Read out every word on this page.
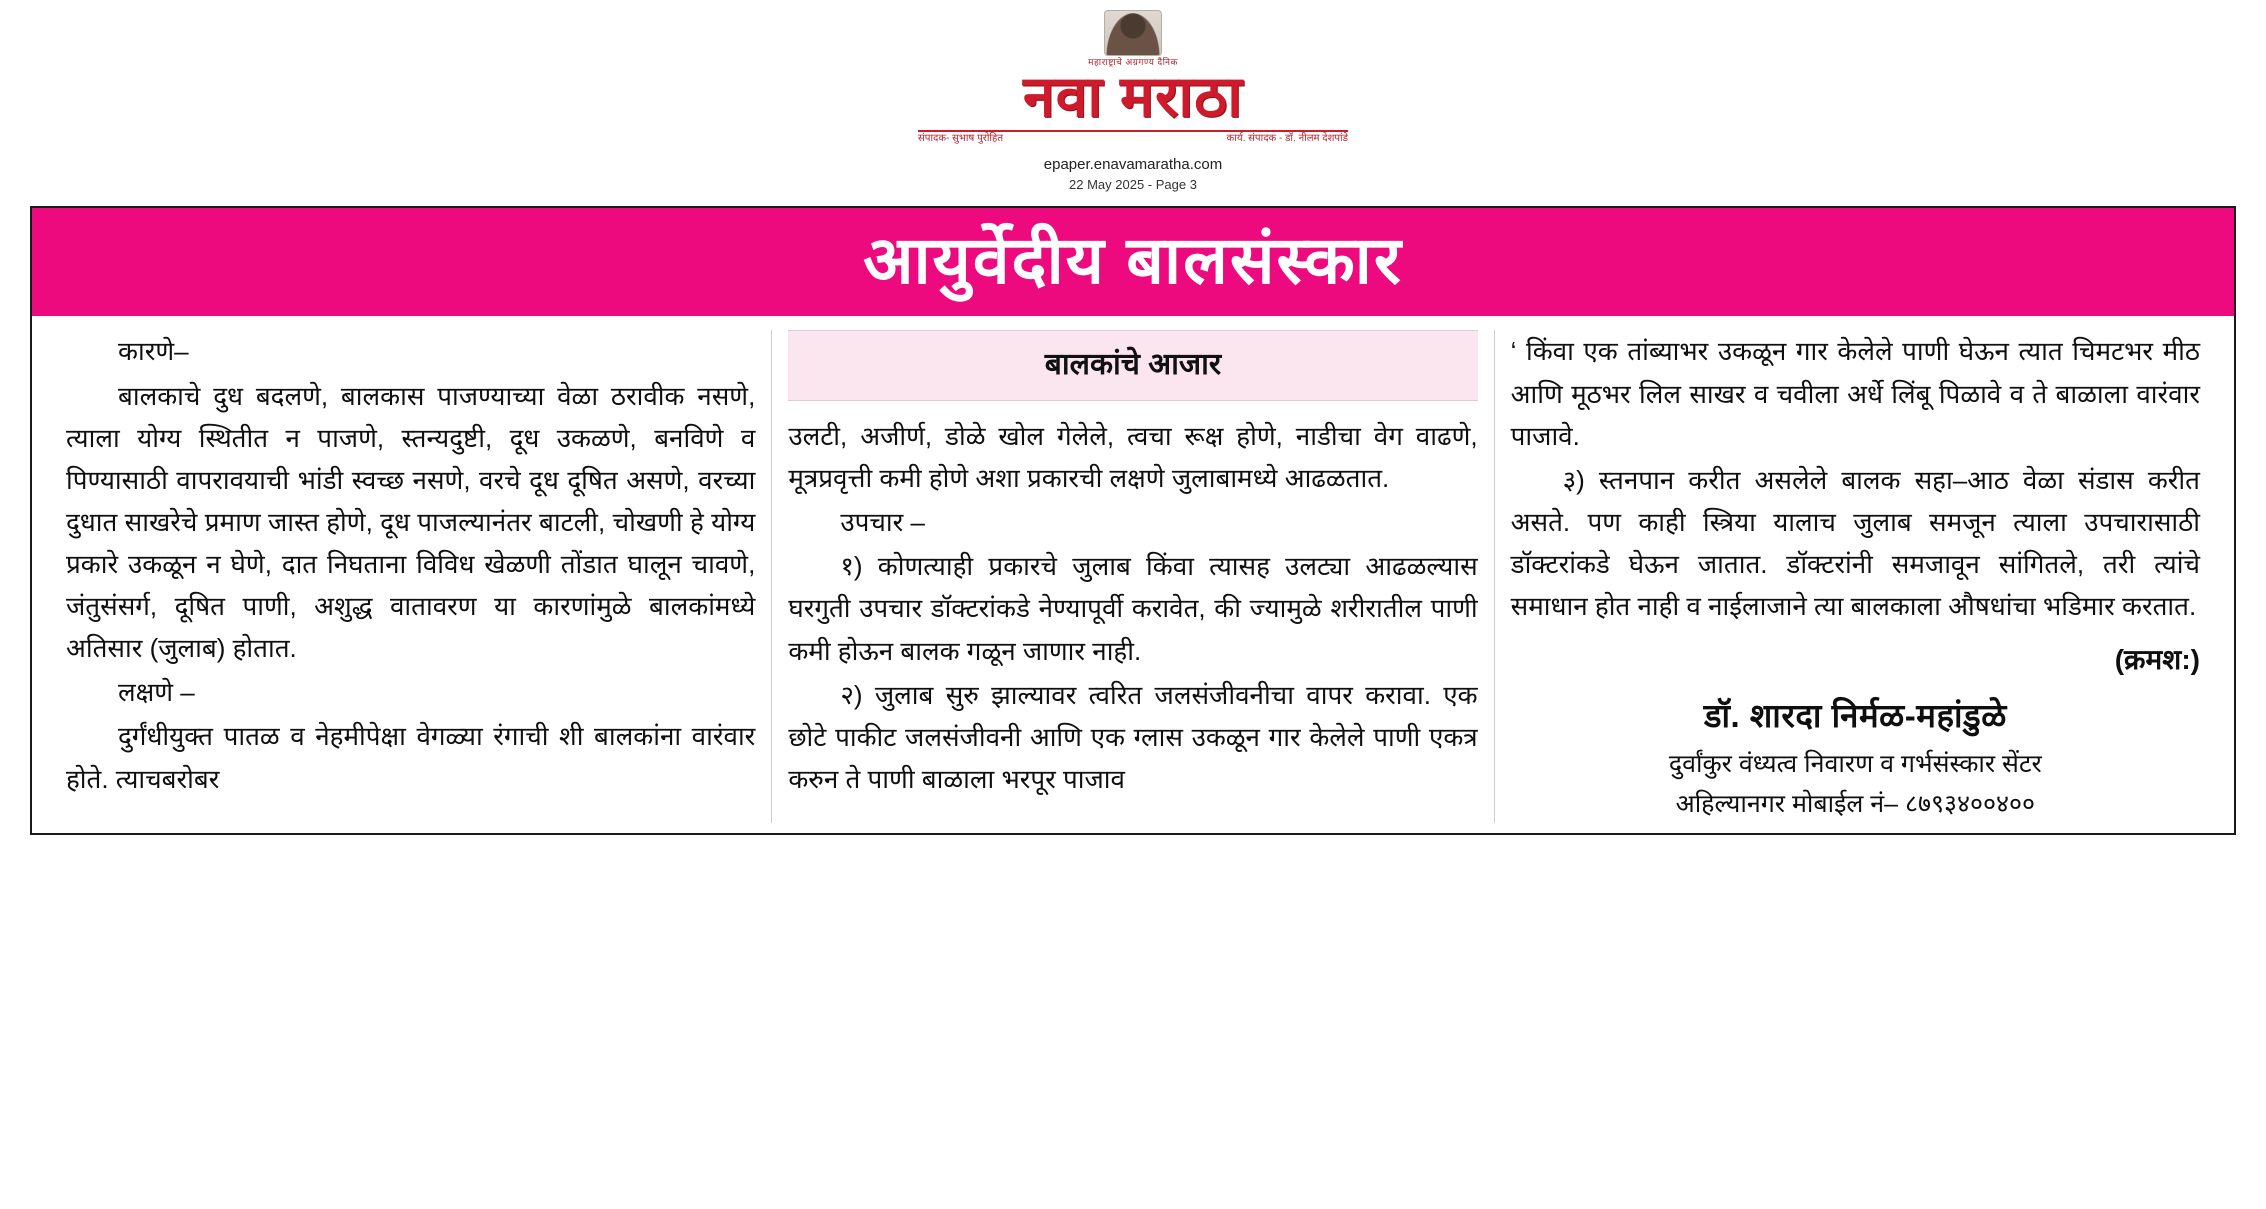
महाराष्ट्राचे अग्रगण्य दैनिक
नवा मराठा
संपादक- सुभाष पुरोहित	कार्य. संपादक - डॉ. नीलम देशपांडे
epaper.enavamaratha.com
22 May 2025 - Page 3
आयुर्वेदीय बालसंस्कार

कारणे–

बालकाचे दुध बदलणे, बालकास पाजण्याच्या वेळा ठरावीक नसणे, त्याला योग्य स्थितीत न पाजणे, स्तन्यदुष्टी, दूध उकळणे, बनविणे व पिण्यासाठी वापरावयाची भांडी स्वच्छ नसणे, वरचे दूध दूषित असणे, वरच्या दुधात साखरेचे प्रमाण जास्त होणे, दूध पाजल्यानंतर बाटली, चोखणी हे योग्य प्रकारे उकळून न घेणे, दात निघताना विविध खेळणी तोंडात घालून चावणे, जंतुसंसर्ग, दूषित पाणी, अशुद्ध वातावरण या कारणांमुळे बालकांमध्ये अतिसार (जुलाब) होतात.

लक्षणे –

दुर्गंधीयुक्त पातळ व नेहमीपेक्षा वेगळ्या रंगाची शी बालकांना वारंवार होते. त्याचबरोबर

बालकांचे आजार

उलटी, अजीर्ण, डोळे खोल गेलेले, त्वचा रूक्ष होणे, नाडीचा वेग वाढणे, मूत्रप्रवृत्ती कमी होणे अशा प्रकारची लक्षणे जुलाबामध्ये आढळतात.

उपचार –

१) कोणत्याही प्रकारचे जुलाब किंवा त्यासह उलट्या आढळल्यास घरगुती उपचार डॉक्टरांकडे नेण्यापूर्वी करावेत, की ज्यामुळे शरीरातील पाणी कमी होऊन बालक गळून जाणार नाही.

२) जुलाब सुरु झाल्यावर त्वरित जलसंजीवनीचा वापर करावा. एक छोटे पाकीट जलसंजीवनी आणि एक ग्लास उकळून गार केलेले पाणी एकत्र करुन ते पाणी बाळाला भरपूर पाजाव

‘ किंवा एक तांब्याभर उकळून गार केलेले पाणी घेऊन त्यात चिमटभर मीठ आणि मूठभर लिल साखर व चवीला अर्धे लिंबू पिळावे व ते बाळाला वारंवार पाजावे.

३) स्तनपान करीत असलेले बालक सहा–आठ वेळा संडास करीत असते. पण काही स्त्रिया यालाच जुलाब समजून त्याला उपचारासाठी डॉक्टरांकडे घेऊन जातात. डॉक्टरांनी समजावून सांगितले, तरी त्यांचे समाधान होत नाही व नाईलाजाने त्या बालकाला औषधांचा भडिमार करतात.

(क्रमश:)
डॉ. शारदा निर्मळ-महांडुळे
दुर्वांकुर वंध्यत्व निवारण व गर्भसंस्कार सेंटर
अहिल्यानगर मोबाईल नं– ८७९३४००४००
